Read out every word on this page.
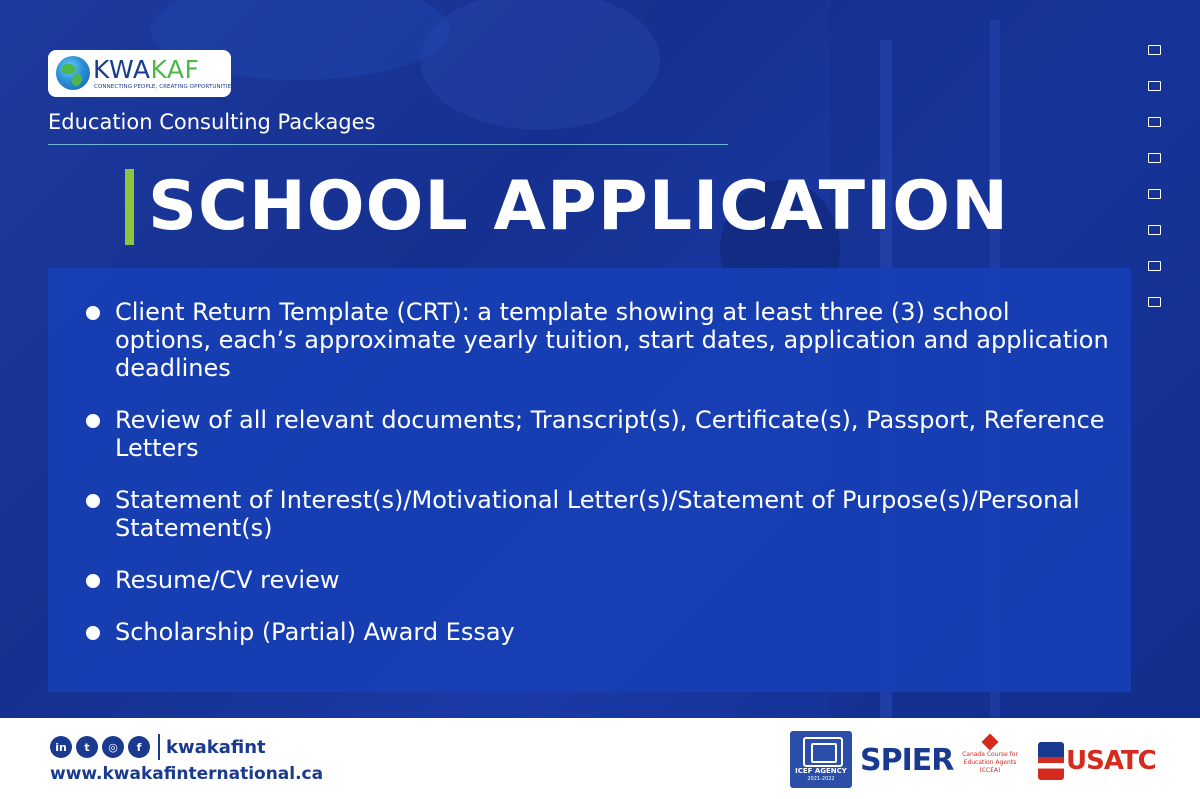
KWAKAF
CONNECTING PEOPLE, CREATING OPPORTUNITIES
Education Consulting Packages
SCHOOL APPLICATION
Client Return Template (CRT): a template showing at least three (3) school options, each’s approximate yearly tuition, start dates, application and application deadlines
Review of all relevant documents; Transcript(s), Certificate(s), Passport, Reference Letters
Statement of Interest(s)/Motivational Letter(s)/Statement of Purpose(s)/Personal Statement(s)
Resume/CV review
Scholarship (Partial) Award Essay
in	t	◎	f	kwakafint
www.kwakafinternational.ca	ICEF AGENCY
2021-2022
SPIER	Canada Course for Education Agents (CCEA)	USATC
